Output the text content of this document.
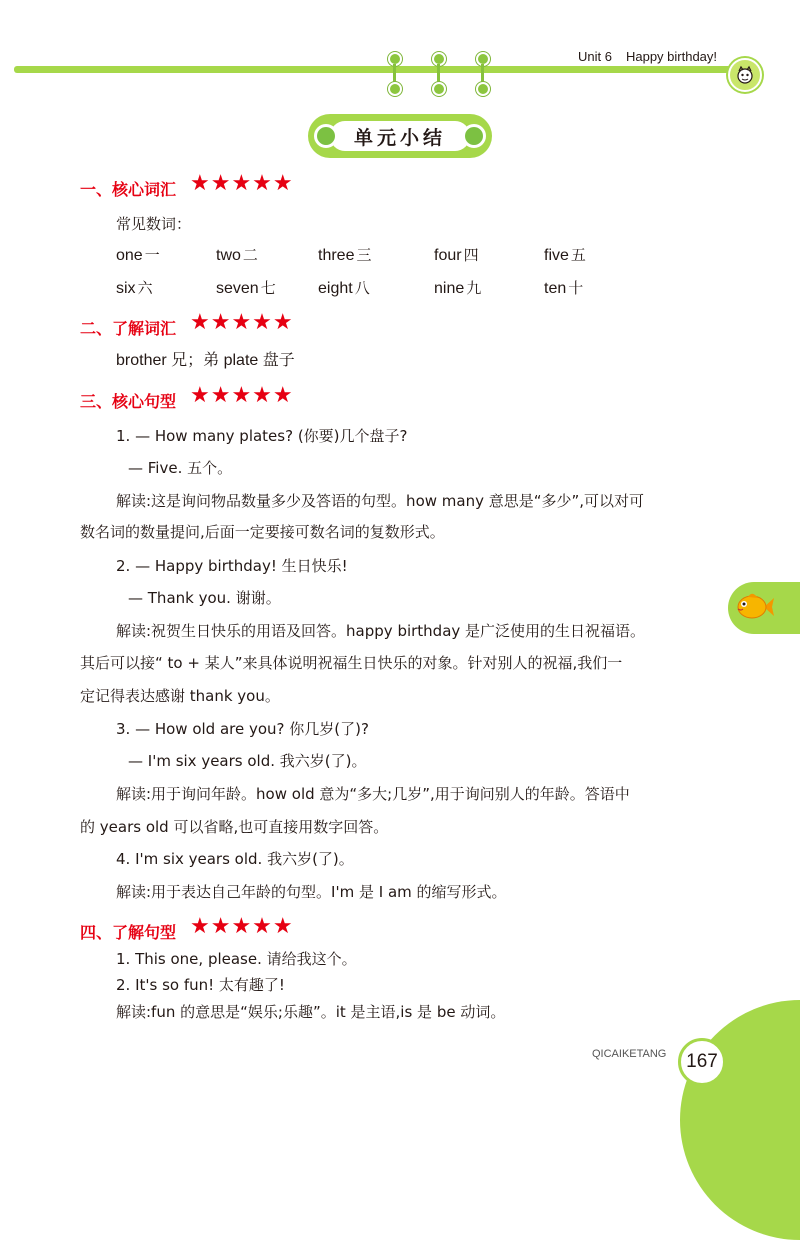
Unit 6 Happy birthday!
单元小结
一、核心词汇 ★★★★★
常见数词：
one 一	two 二	three 三	four 四	five 五
six 六	seven 七	eight 八	nine 九	ten 十
二、了解词汇 ★★★★★
brother 兄；弟 plate 盘子
三、核心句型 ★★★★★
1. — How many plates? (你要)几个盘子?
— Five. 五个。
解读:这是询问物品数量多少及答语的句型。how many 意思是“多少”,可以对可
数名词的数量提问,后面一定要接可数名词的复数形式。
2. — Happy birthday! 生日快乐!
— Thank you. 谢谢。
解读:祝贺生日快乐的用语及回答。happy birthday 是广泛使用的生日祝福语。
其后可以接“ to + 某人”来具体说明祝福生日快乐的对象。针对别人的祝福,我们一
定记得表达感谢 thank you。
3. — How old are you? 你几岁(了)?
— I'm six years old. 我六岁(了)。
解读:用于询问年龄。how old 意为“多大;几岁”,用于询问别人的年龄。答语中
的 years old 可以省略,也可直接用数字回答。
4. I'm six years old. 我六岁(了)。
解读:用于表达自己年龄的句型。I'm 是 I am 的缩写形式。
四、了解句型 ★★★★★
1. This one, please. 请给我这个。
2. It's so fun! 太有趣了!
解读:fun 的意思是“娱乐;乐趣”。it 是主语,is 是 be 动词。
QICAIKETANG	167
